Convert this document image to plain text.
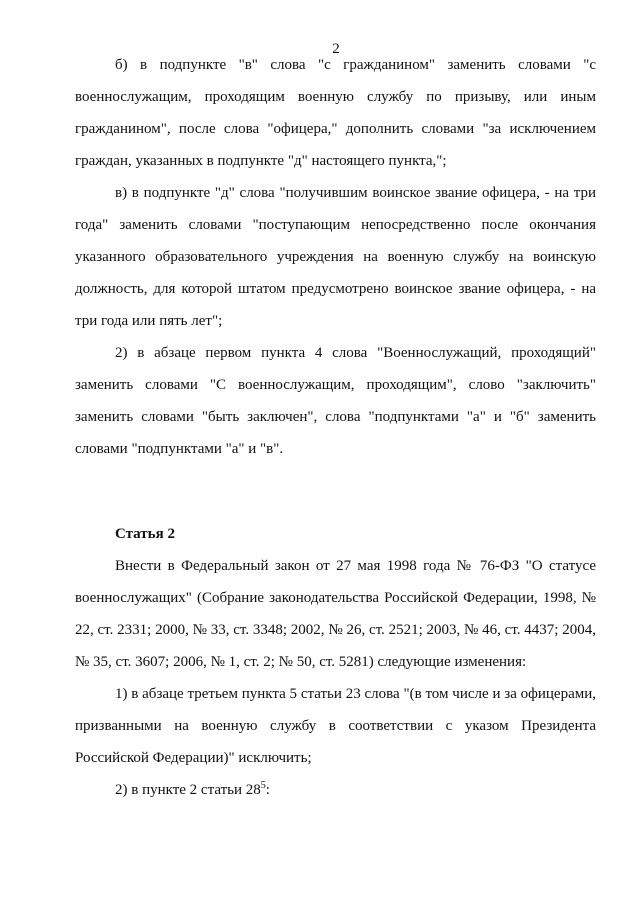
2

б) в подпункте "в" слова "с гражданином" заменить словами "с военнослужащим, проходящим военную службу по призыву, или иным гражданином", после слова "офицера," дополнить словами "за исключением граждан, указанных в подпункте "д" настоящего пункта,";

в) в подпункте "д" слова "получившим воинское звание офицера, - на три года" заменить словами "поступающим непосредственно после окончания указанного образовательного учреждения на военную службу на воинскую должность, для которой штатом предусмотрено воинское звание офицера, - на три года или пять лет";

2) в абзаце первом пункта 4 слова "Военнослужащий, проходящий" заменить словами "С военнослужащим, проходящим", слово "заключить" заменить словами "быть заключен", слова "подпунктами "а" и "б" заменить словами "подпунктами "а" и "в".

Статья 2

Внести в Федеральный закон от 27 мая 1998 года № 76-ФЗ "О статусе военнослужащих" (Собрание законодательства Российской Федерации, 1998, № 22, ст. 2331; 2000, № 33, ст. 3348; 2002, № 26, ст. 2521; 2003, № 46, ст. 4437; 2004, № 35, ст. 3607; 2006, № 1, ст. 2; № 50, ст. 5281) следующие изменения:

1) в абзаце третьем пункта 5 статьи 23 слова "(в том числе и за офицерами, призванными на военную службу в соответствии с указом Президента Российской Федерации)" исключить;

2) в пункте 2 статьи $28^5$:
